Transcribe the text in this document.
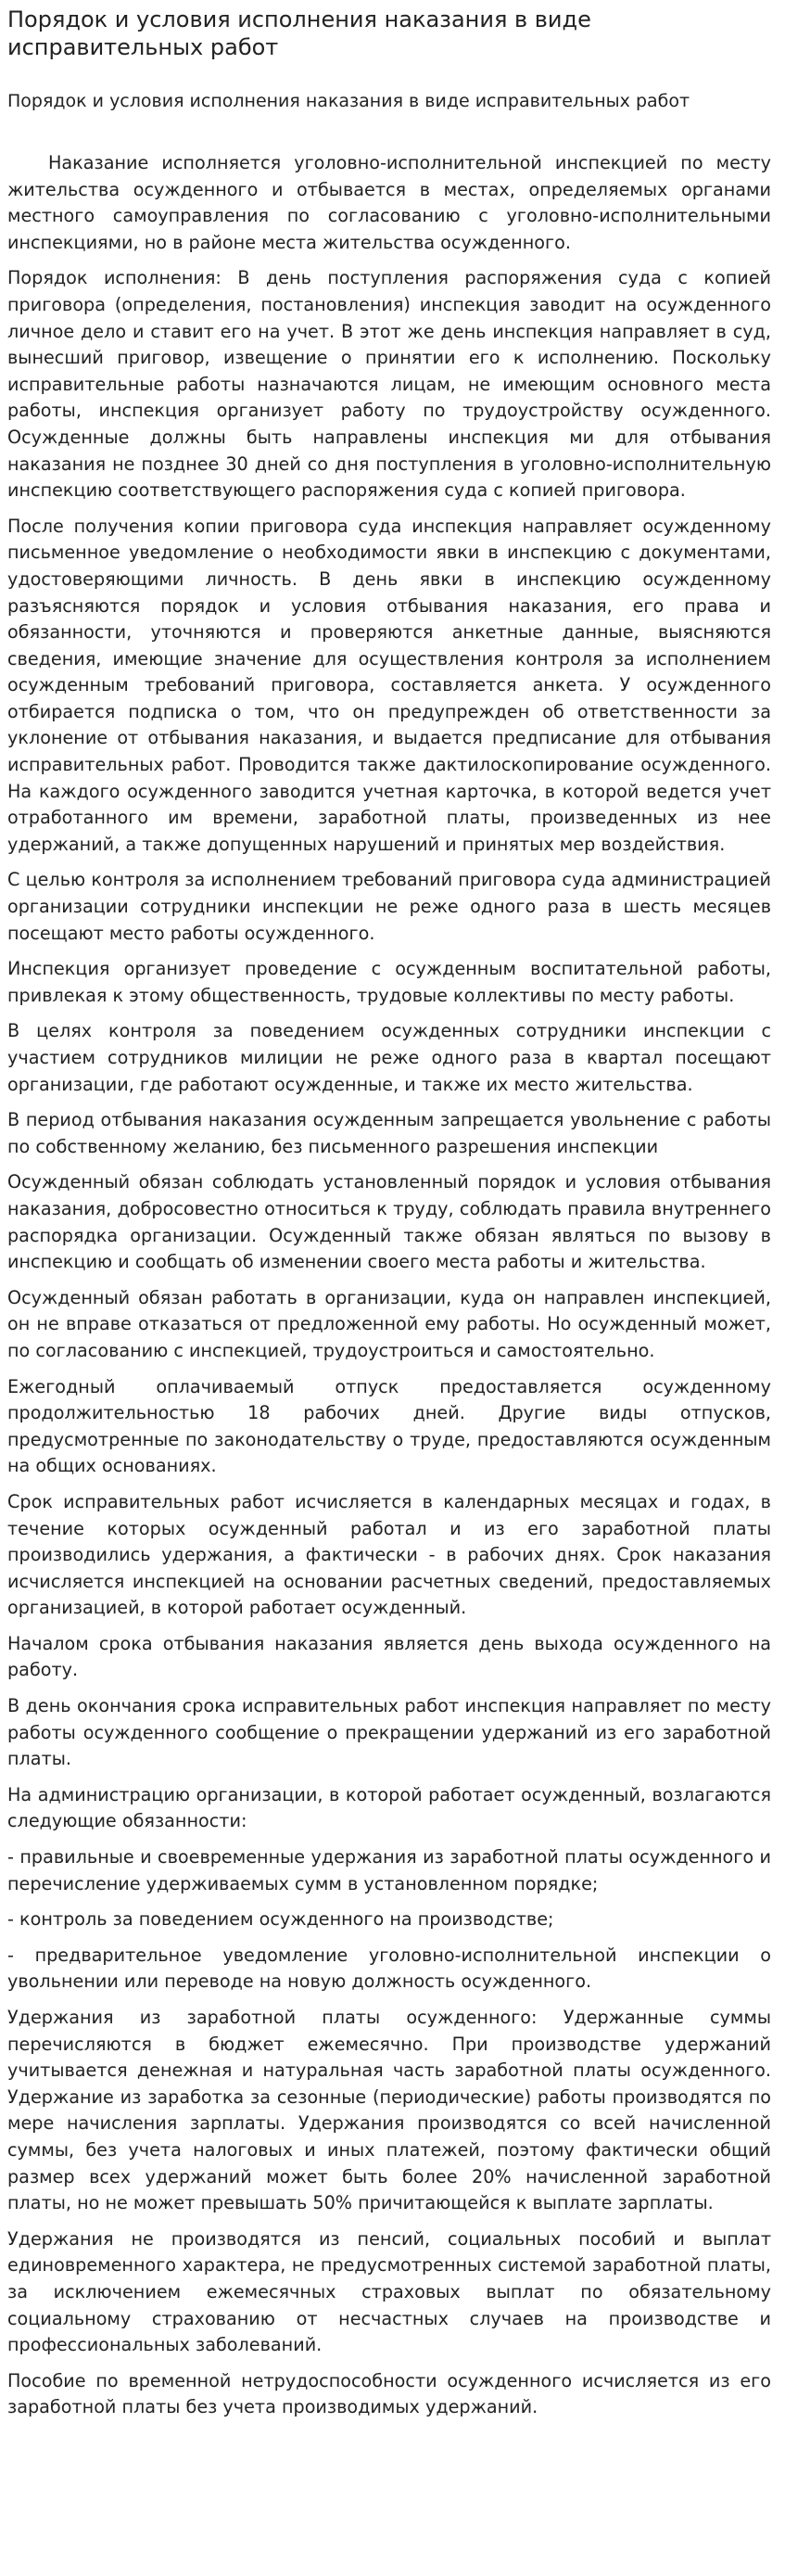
Порядок и условия исполнения наказания в виде исправительных работ
Порядок и условия исполнения наказания в виде исправительных работ

Наказание исполняется уголовно-исполнительной инспекцией по месту жительства осужденного и отбывается в местах, определяемых органами местного самоуправления по согласованию с уголовно-исполнительными инспекциями, но в районе места жительства осужденного.

Порядок исполнения: В день поступления распоряжения суда с копией приговора (определения, постановления) инспекция заводит на осужденного личное дело и ставит его на учет. В этот же день инспекция направляет в суд, вынесший приговор, извещение о принятии его к исполнению. Поскольку исправительные работы назначаются лицам, не имеющим основного места работы, инспекция организует работу по трудоустройству осужденного. Осужденные должны быть направлены инспекция ми для отбывания наказания не позднее 30 дней со дня поступления в уголовно-исполнительную инспекцию соответствующего распоряжения суда с копией приговора.

После получения копии приговора суда инспекция направляет осужденному письменное уведомление о необходимости явки в инспекцию с документами, удостоверяющими личность. В день явки в инспекцию осужденному разъясняются порядок и условия отбывания наказания, его права и обязанности, уточняются и проверяются анкетные данные, выясняются сведения, имеющие значение для осуществления контроля за исполнением осужденным требований приговора, составляется анкета. У осужденного отбирается подписка о том, что он предупрежден об ответственности за уклонение от отбывания наказания, и выдается предписание для отбывания исправительных работ. Проводится также дактилоскопирование осужденного. На каждого осужденного заводится учетная карточка, в которой ведется учет отработанного им времени, заработной платы, произведенных из нее удержаний, а также допущенных нарушений и принятых мер воздействия.

С целью контроля за исполнением требований приговора суда администрацией организации сотрудники инспекции не реже одного раза в шесть месяцев посещают место работы осужденного.

Инспекция организует проведение с осужденным воспитательной работы, привлекая к этому общественность, трудовые коллективы по месту работы.

В целях контроля за поведением осужденных сотрудники инспекции с участием сотрудников милиции не реже одного раза в квартал посещают организации, где работают осужденные, и также их место жительства.

В период отбывания наказания осужденным запрещается увольнение с работы по собственному желанию, без письменного разрешения инспекции

Осужденный обязан соблюдать установленный порядок и условия отбывания наказания, добросовестно относиться к труду, соблюдать правила внутреннего распорядка организации. Осужденный также обязан являться по вызову в инспекцию и сообщать об изменении своего места работы и жительства.

Осужденный обязан работать в организации, куда он направлен инспекцией, он не вправе отказаться от предложенной ему работы. Но осужденный может, по согласованию с инспекцией, трудоустроиться и самостоятельно.

Ежегодный оплачиваемый отпуск предоставляется осужденному продолжительностью 18 рабочих дней. Другие виды отпусков, предусмотренные по законодательству о труде, предоставляются осужденным на общих основаниях.

Срок исправительных работ исчисляется в календарных месяцах и годах, в течение которых осужденный работал и из его заработной платы производились удержания, а фактически - в рабочих днях. Срок наказания исчисляется инспекцией на основании расчетных сведений, предоставляемых организацией, в которой работает осужденный.

Началом срока отбывания наказания является день выхода осужденного на работу.

В день окончания срока исправительных работ инспекция направляет по месту работы осужденного сообщение о прекращении удержаний из его заработной платы.

На администрацию организации, в которой работает осужденный, возлагаются следующие обязанности:

- правильные и своевременные удержания из заработной платы осужденного и перечисление удерживаемых сумм в установленном порядке;

- контроль за поведением осужденного на производстве;

- предварительное уведомление уголовно-исполнительной инспекции о увольнении или переводе на новую должность осужденного.

Удержания из заработной платы осужденного: Удержанные суммы перечисляются в бюджет ежемесячно. При производстве удержаний учитывается денежная и натуральная часть заработной платы осужденного. Удержание из заработка за сезонные (периодические) работы производятся по мере начисления зарплаты. Удержания производятся со всей начисленной суммы, без учета налоговых и иных платежей, поэтому фактически общий размер всех удержаний может быть более 20% начисленной заработной платы, но не может превышать 50% причитающейся к выплате зарплаты.

Удержания не производятся из пенсий, социальных пособий и выплат единовременного характера, не предусмотренных системой заработной платы, за исключением ежемесячных страховых выплат по обязательному социальному страхованию от несчастных случаев на производстве и профессиональных заболеваний.

Пособие по временной нетрудоспособности осужденного исчисляется из его заработной платы без учета производимых удержаний.
